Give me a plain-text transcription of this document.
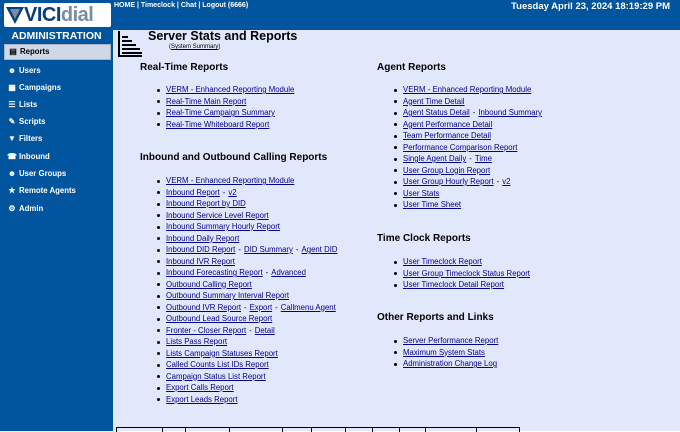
VICIdial	HOME | Timeclock | Chat | Logout (6666)	Tuesday April 23, 2024 18:19:29 PM
ADMINISTRATION
▤ Reports
☻ Users
▦ Campaigns
☰ Lists
✎ Scripts
▼ Filters
☎ Inbound
☻ User Groups
★ Remote Agents
⚙ Admin
Server Stats and Reports
(System Summary)
Real-Time Reports
VERM - Enhanced Reporting Module
Real-Time Main Report
Real-Time Campaign Summary
Real-Time Whiteboard Report
Inbound and Outbound Calling Reports
VERM - Enhanced Reporting Module
Inbound Report - v2
Inbound Report by DID
Inbound Service Level Report
Inbound Summary Hourly Report
Inbound Daily Report
Inbound DID Report - DID Summary - Agent DID
Inbound IVR Report
Inbound Forecasting Report - Advanced
Outbound Calling Report
Outbound Summary Interval Report
Outbound IVR Report - Export - Callmenu Agent
Outbound Lead Source Report
Fronter - Closer Report - Detail
Lists Pass Report
Lists Campaign Statuses Report
Called Counts List IDs Report
Campaign Status List Report
Export Calls Report
Export Leads Report
Agent Reports
VERM - Enhanced Reporting Module
Agent Time Detail
Agent Status Detail - Inbound Summary
Agent Performance Detail
Team Performance Detail
Performance Comparison Report
Single Agent Daily - Time
User Group Login Report
User Group Hourly Report - v2
User Stats
User Time Sheet
Time Clock Reports
User Timeclock Report
User Group Timeclock Status Report
User Timeclock Detail Report
Other Reports and Links
Server Performance Report
Maximum System Stats
Administration Change Log
